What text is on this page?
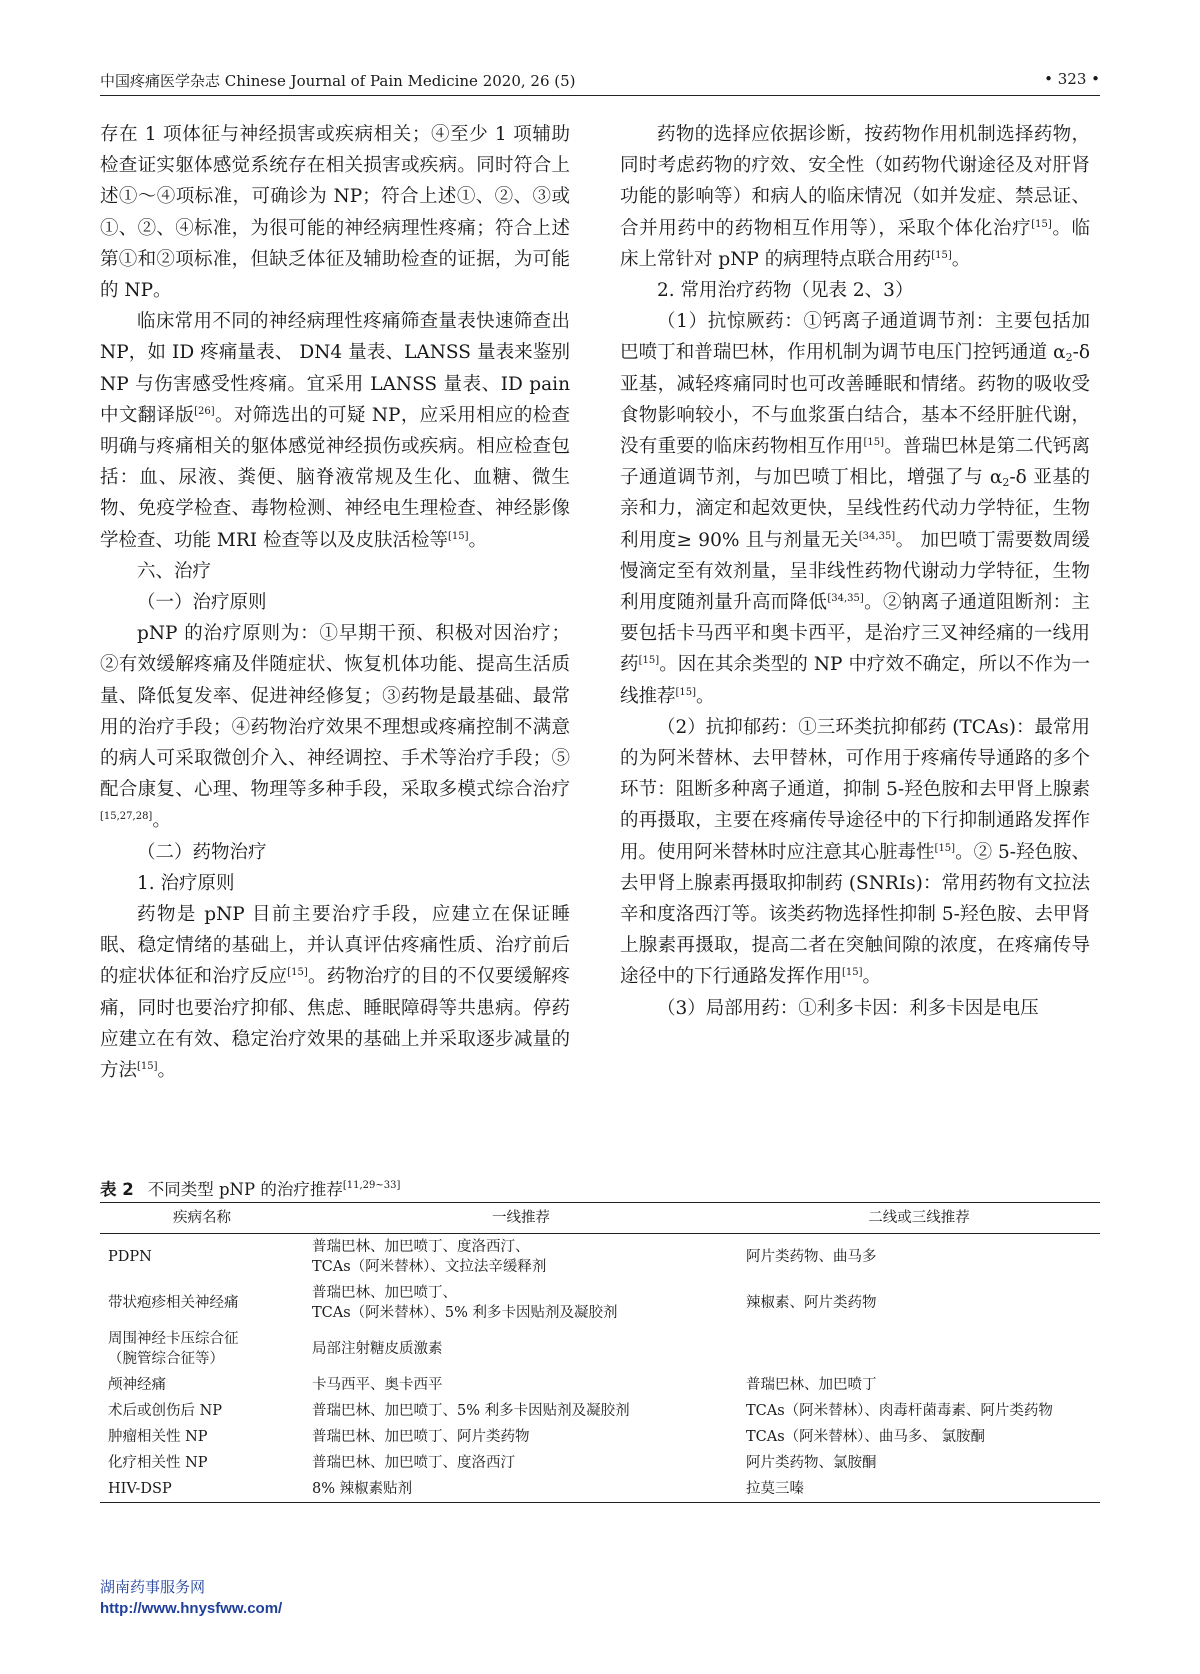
中国疼痛医学杂志 Chinese Journal of Pain Medicine 2020, 26 (5)	• 323 •

存在 1 项体征与神经损害或疾病相关；④至少 1 项辅助检查证实躯体感觉系统存在相关损害或疾病。同时符合上述①～④项标准，可确诊为 NP；符合上述①、②、③或①、②、④标准，为很可能的神经病理性疼痛；符合上述第①和②项标准，但缺乏体征及辅助检查的证据，为可能的 NP。

临床常用不同的神经病理性疼痛筛查量表快速筛查出 NP，如 ID 疼痛量表、 DN4 量表、LANSS 量表来鉴别 NP 与伤害感受性疼痛。宜采用 LANSS 量表、ID pain 中文翻译版[26]。对筛选出的可疑 NP，应采用相应的检查明确与疼痛相关的躯体感觉神经损伤或疾病。相应检查包括：血、尿液、粪便、脑脊液常规及生化、血糖、微生物、免疫学检查、毒物检测、神经电生理检查、神经影像学检查、功能 MRI 检查等以及皮肤活检等[15]。

六、治疗

（一）治疗原则

pNP 的治疗原则为：①早期干预、积极对因治疗；②有效缓解疼痛及伴随症状、恢复机体功能、提高生活质量、降低复发率、促进神经修复；③药物是最基础、最常用的治疗手段；④药物治疗效果不理想或疼痛控制不满意的病人可采取微创介入、神经调控、手术等治疗手段；⑤配合康复、心理、物理等多种手段，采取多模式综合治疗[15,27,28]。

（二）药物治疗

1. 治疗原则

药物是 pNP 目前主要治疗手段，应建立在保证睡眠、稳定情绪的基础上，并认真评估疼痛性质、治疗前后的症状体征和治疗反应[15]。药物治疗的目的不仅要缓解疼痛，同时也要治疗抑郁、焦虑、睡眠障碍等共患病。停药应建立在有效、稳定治疗效果的基础上并采取逐步减量的方法[15]。

药物的选择应依据诊断，按药物作用机制选择药物，同时考虑药物的疗效、安全性（如药物代谢途径及对肝肾功能的影响等）和病人的临床情况（如并发症、禁忌证、合并用药中的药物相互作用等），采取个体化治疗[15]。临床上常针对 pNP 的病理特点联合用药[15]。

2. 常用治疗药物（见表 2、3）

（1）抗惊厥药：①钙离子通道调节剂：主要包括加巴喷丁和普瑞巴林，作用机制为调节电压门控钙通道 $\alpha_2-\delta$ 亚基，减轻疼痛同时也可改善睡眠和情绪。药物的吸收受食物影响较小，不与血浆蛋白结合，基本不经肝脏代谢，没有重要的临床药物相互作用[15]。普瑞巴林是第二代钙离子通道调节剂，与加巴喷丁相比，增强了与 $\alpha_2-\delta$ 亚基的亲和力，滴定和起效更快，呈线性药代动力学特征，生物利用度≥ 90% 且与剂量无关[34,35]。 加巴喷丁需要数周缓慢滴定至有效剂量，呈非线性药物代谢动力学特征，生物利用度随剂量升高而降低[34,35]。②钠离子通道阻断剂：主要包括卡马西平和奥卡西平，是治疗三叉神经痛的一线用药[15]。因在其余类型的 NP 中疗效不确定，所以不作为一线推荐[15]。

（2）抗抑郁药：①三环类抗抑郁药 (TCAs)：最常用的为阿米替林、去甲替林，可作用于疼痛传导通路的多个环节：阻断多种离子通道，抑制 5-羟色胺和去甲肾上腺素的再摄取，主要在疼痛传导途径中的下行抑制通路发挥作用。使用阿米替林时应注意其心脏毒性[15]。② 5-羟色胺、去甲肾上腺素再摄取抑制药 (SNRIs)：常用药物有文拉法辛和度洛西汀等。该类药物选择性抑制 5-羟色胺、去甲肾上腺素再摄取，提高二者在突触间隙的浓度，在疼痛传导途径中的下行通路发挥作用[15]。

（3）局部用药：①利多卡因：利多卡因是电压

表 2 不同类型 pNP 的治疗推荐[11,29~33]
疾病名称	一线推荐	二线或三线推荐

PDPN	普瑞巴林、加巴喷丁、度洛西汀、
TCAs（阿米替林）、文拉法辛缓释剂	阿片类药物、曲马多

带状疱疹相关神经痛	普瑞巴林、加巴喷丁、
TCAs（阿米替林）、5% 利多卡因贴剂及凝胶剂	辣椒素、阿片类药物

周围神经卡压综合征
（腕管综合征等）	局部注射糖皮质激素	

颅神经痛	卡马西平、奥卡西平	普瑞巴林、加巴喷丁

术后或创伤后 NP	普瑞巴林、加巴喷丁、5% 利多卡因贴剂及凝胶剂	TCAs（阿米替林）、肉毒杆菌毒素、阿片类药物

肿瘤相关性 NP	普瑞巴林、加巴喷丁、阿片类药物	TCAs（阿米替林）、曲马多、 氯胺酮

化疗相关性 NP	普瑞巴林、加巴喷丁、度洛西汀	阿片类药物、氯胺酮

HIV-DSP	8% 辣椒素贴剂	拉莫三嗪
湖南药事服务网
http://www.hnysfww.com/
